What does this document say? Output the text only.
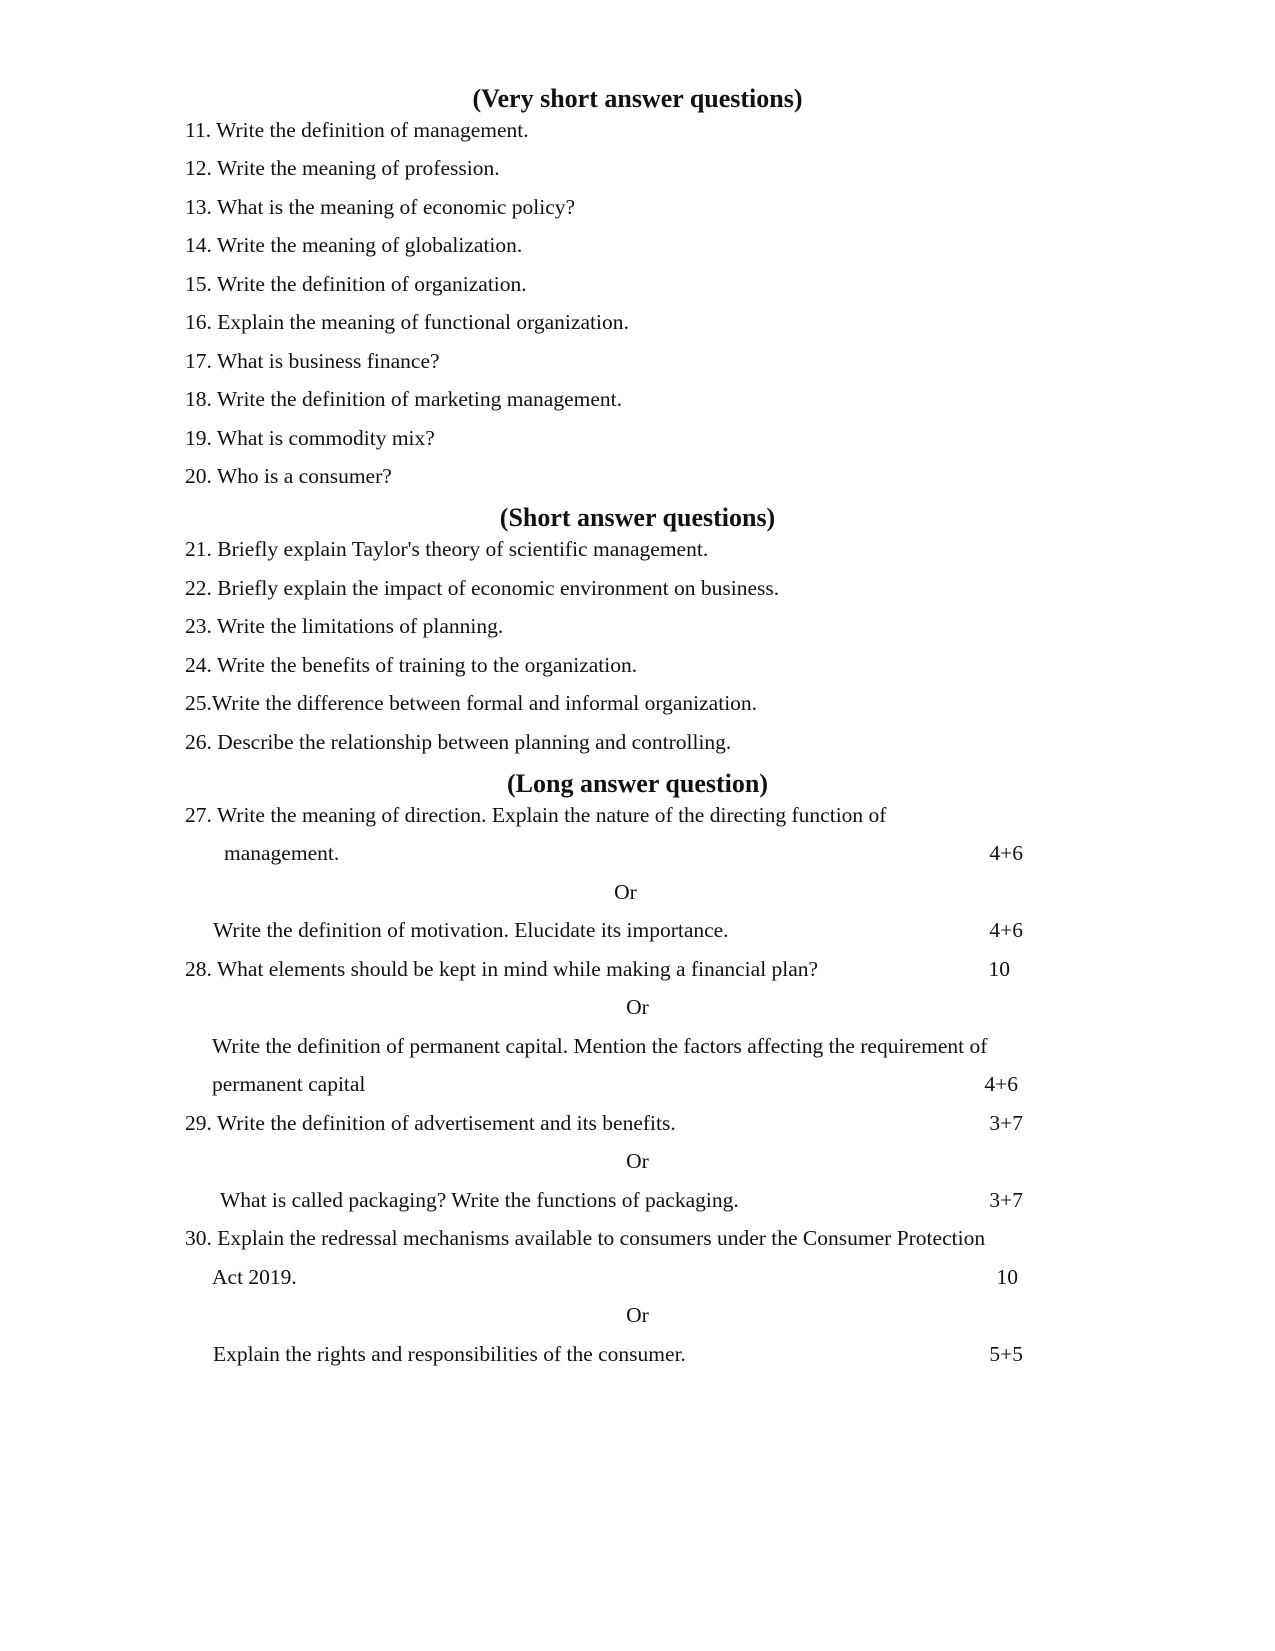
(Very short answer questions)
11. Write the definition of management.
12. Write the meaning of profession.
13. What is the meaning of economic policy?
14. Write the meaning of globalization.
15. Write the definition of organization.
16. Explain the meaning of functional organization.
17. What is business finance?
18. Write the definition of marketing management.
19. What is commodity mix?
20. Who is a consumer?
(Short answer questions)
21. Briefly explain Taylor's theory of scientific management.
22. Briefly explain the impact of economic environment on business.
23. Write the limitations of planning.
24. Write the benefits of training to the organization.
25.Write the difference between formal and informal organization.
26. Describe the relationship between planning and controlling.
(Long answer question)
27. Write the meaning of direction. Explain the nature of the directing function of
management.	4+6
Or
Write the definition of motivation. Elucidate its importance.	4+6
28. What elements should be kept in mind while making a financial plan?	10
Or
Write the definition of permanent capital. Mention the factors affecting the requirement of
permanent capital	4+6
29. Write the definition of advertisement and its benefits.	3+7
Or
What is called packaging? Write the functions of packaging.	3+7
30. Explain the redressal mechanisms available to consumers under the Consumer Protection
Act 2019.	10
Or
Explain the rights and responsibilities of the consumer.	5+5
